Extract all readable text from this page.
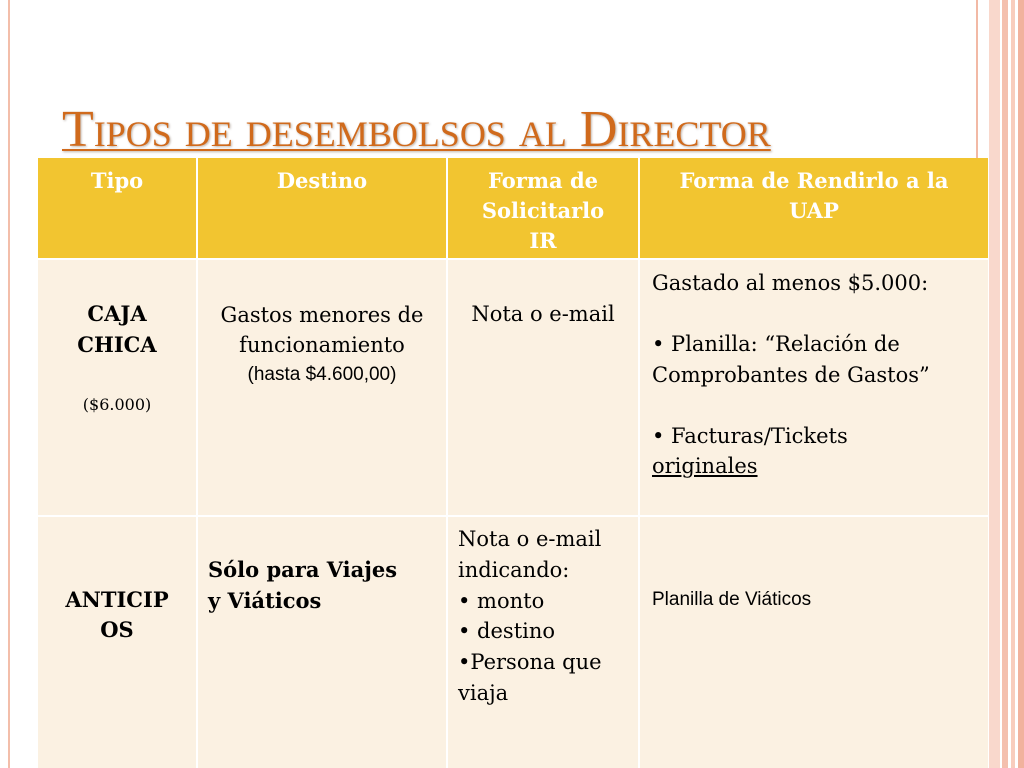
Tipos de desembolsos al Director
Tipo	Destino	Forma de
Solicitarlo
IR
Forma de Rendirlo a la
UAP
CAJA
CHICA
($6.000)
Gastos menores de
funcionamiento
(hasta $4.600,00)
Nota o e-mail
Gastado al menos $5.000:
• Planilla: “Relación de
Comprobantes de Gastos”
• Facturas/Tickets
originales
ANTICIP
OS
Sólo para Viajes
y Viáticos
Nota o e-mail
indicando:
• monto
• destino
•Persona que
viaja
Planilla de Viáticos
